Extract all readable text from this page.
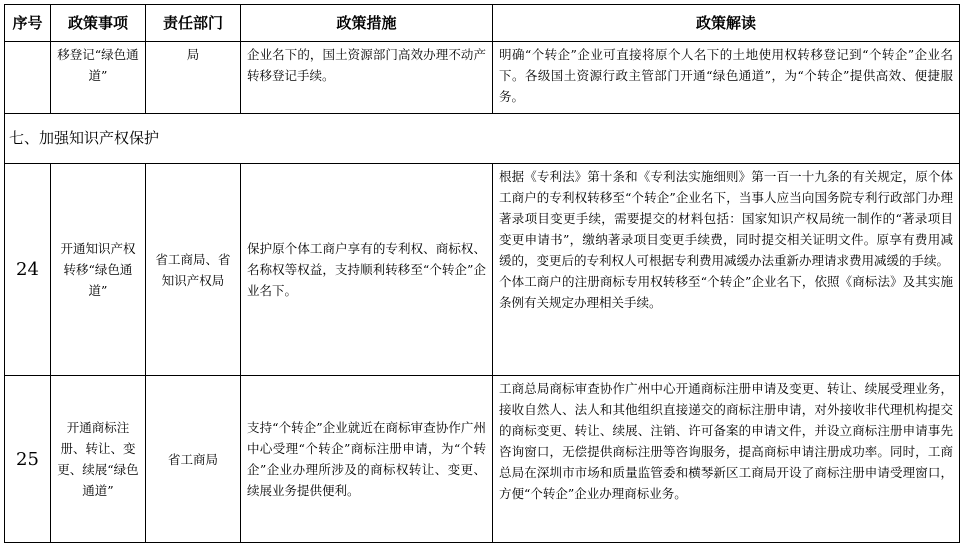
序号	政策事项	责任部门	政策措施	政策解读
	移登记“绿色通道”	局	企业名下的，国土资源部门高效办理不动产转移登记手续。	明确“个转企”企业可直接将原个人名下的土地使用权转移登记到“个转企”企业名下。各级国土资源行政主管部门开通“绿色通道”，为“个转企”提供高效、便捷服务。
七、加强知识产权保护				
24	开通知识产权转移“绿色通道”	省工商局、省知识产权局	保护原个体工商户享有的专利权、商标权、名称权等权益，支持顺利转移至“个转企”企业名下。	根据《专利法》第十条和《专利法实施细则》第一百一十九条的有关规定，原个体工商户的专利权转移至“个转企”企业名下，当事人应当向国务院专利行政部门办理著录项目变更手续，需要提交的材料包括：国家知识产权局统一制作的“著录项目变更申请书”，缴纳著录项目变更手续费，同时提交相关证明文件。原享有费用减缓的，变更后的专利权人可根据专利费用减缓办法重新办理请求费用减缓的手续。
个体工商户的注册商标专用权转移至“个转企”企业名下，依照《商标法》及其实施条例有关规定办理相关手续。

25	开通商标注册、转让、变更、续展“绿色通道”	省工商局	支持“个转企”企业就近在商标审查协作广州中心受理“个转企”商标注册申请，为“个转企”企业办理所涉及的商标权转让、变更、续展业务提供便利。	工商总局商标审查协作广州中心开通商标注册申请及变更、转让、续展受理业务，接收自然人、法人和其他组织直接递交的商标注册申请，对外接收非代理机构提交的商标变更、转让、续展、注销、许可备案的申请文件，并设立商标注册申请事先咨询窗口，无偿提供商标注册等咨询服务，提高商标申请注册成功率。同时，工商总局在深圳市市场和质量监管委和横琴新区工商局开设了商标注册申请受理窗口，方便“个转企”企业办理商标业务。
